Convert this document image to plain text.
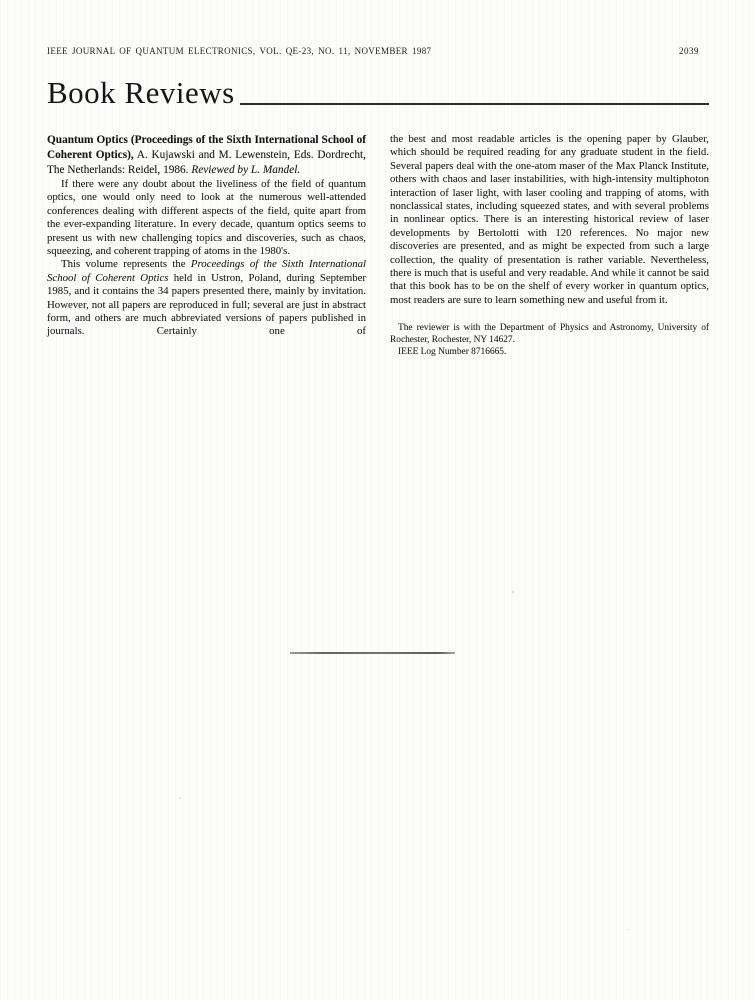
IEEE JOURNAL OF QUANTUM ELECTRONICS, VOL. QE-23, NO. 11, NOVEMBER 1987	2039
Book Reviews

Quantum Optics (Proceedings of the Sixth International School of Coherent Optics), A. Kujawski and M. Lewenstein, Eds. Dordrecht, The Netherlands: Reidel, 1986. Reviewed by L. Mandel.

If there were any doubt about the liveliness of the field of quantum optics, one would only need to look at the numerous well-attended conferences dealing with different aspects of the field, quite apart from the ever-expanding literature. In every decade, quantum optics seems to present us with new challenging topics and discoveries, such as chaos, squeezing, and coherent trapping of atoms in the 1980's.

This volume represents the Proceedings of the Sixth International School of Coherent Optics held in Ustron, Poland, during September 1985, and it contains the 34 papers presented there, mainly by invitation. However, not all papers are reproduced in full; several are just in abstract form, and others are much abbreviated versions of papers published in journals. Certainly one of

the best and most readable articles is the opening paper by Glauber, which should be required reading for any graduate student in the field. Several papers deal with the one-atom maser of the Max Planck Institute, others with chaos and laser instabilities, with high-intensity multiphoton interaction of laser light, with laser cooling and trapping of atoms, with nonclassical states, including squeezed states, and with several problems in nonlinear optics. There is an interesting historical review of laser developments by Bertolotti with 120 references. No major new discoveries are presented, and as might be expected from such a large collection, the quality of presentation is rather variable. Nevertheless, there is much that is useful and very readable. And while it cannot be said that this book has to be on the shelf of every worker in quantum optics, most readers are sure to learn something new and useful from it.

The reviewer is with the Department of Physics and Astronomy, University of Rochester, Rochester, NY 14627.

IEEE Log Number 8716665.
